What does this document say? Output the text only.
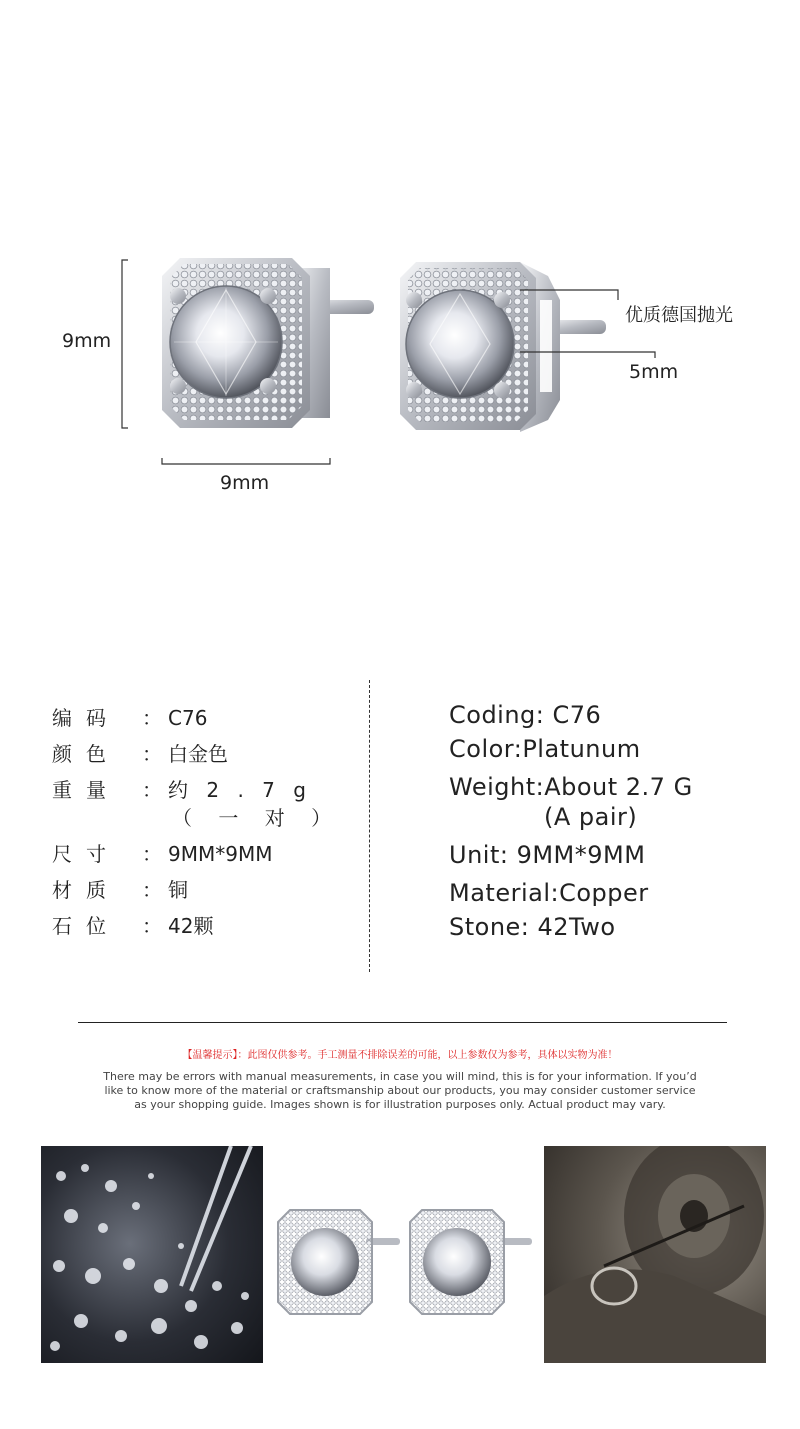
9mm
9mm
优质德国抛光
5mm
编码	： C76
颜色	： 白金色
重量	： 约 2 . 7 g
（ 一 对 ）
尺寸	： 9MM*9MM
材质	： 铜
石位	： 42颗
Coding: C76
Color:Platunum
Weight:About 2.7 G
(A pair)
Unit: 9MM*9MM
Material:Copper
Stone: 42Two
【温馨提示】：此图仅供参考。手工测量不排除误差的可能，以上参数仅为参考，具体以实物为准！
There may be errors with manual measurements, in case you will mind, this is for your information. If you’d like to know more of the material or craftsmanship about our products, you may consider customer service as your shopping guide. Images shown is for illustration purposes only. Actual product may vary.
